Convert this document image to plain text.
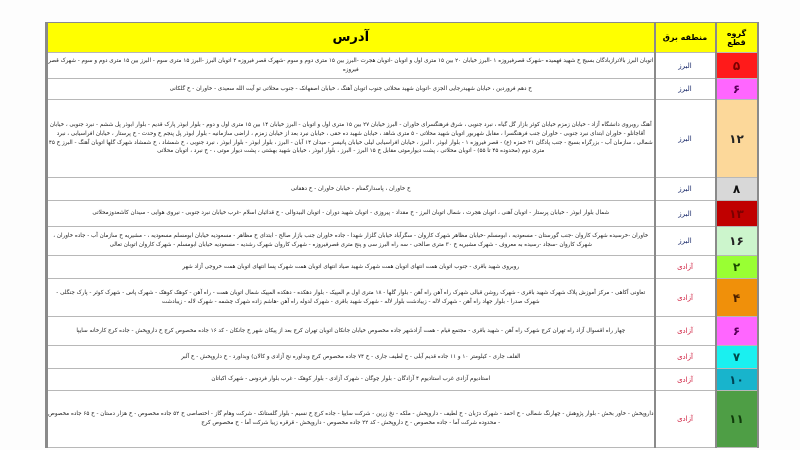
گروه قطع	منطقه برق	آدرس
۵	البرز	اتوبان البرز بالاترازبادگان بسیج خ شهید فهمیده -شهرک قصرفیروزه ۱ -البرز خیابان ۲۰ بین ۱۵ متری اول و اتوبان -اتوبان هجرت -البرز بین ۱۵ متری دوم و سوم -شهرک قصر فیروزه ۲ اتوبان البرز -البرز ۱۵ متری سوم - البرز بین ۱۵ متری دوم و سوم - شهرک قصر فیروزه
۶	البرز	خ دهم فروردین ، خیابان شهیدرجایی الجزی -اتوبان شهید محلاتی جنوب اتوبان آهنگ ، خیابان اصفهانک - جنوب محلاتی تو آیت الله سعیدی - خاوران - خ گلکانی
۱۲	البرز	آهنگ روبروی دانشگاه آزاد - خیابان زمزم خیابان کوثر بازار گل گیاه ، نبرد جنوبی ، شرق فرهنگسرای خاوران - البرز خیابان ۲۷ بین ۱۵ متری اول و اتوبان - البرز خیابان ۱۴ بین ۱۵ متری اول و دوم - بلوار ابوذر پارک قدیم - بلوار ابوذر پل ششم - نبرد جنوبی ، خیابان آقاجانلو - خاوران ابتدای نبرد جنوبی - خاوران جنب فرهنگسرا ، مقابل شهربور اتوبان شهید محلاتی - ۵ متری شاهد ، خیابان شهید ده حقی ، خیابان نبرد بعد از خیابان زمزم ، اراضی سازمانیه - بلوار ابوذر پل پنجم خ وحدت - خ پرستار ، خیابان افراسیابی ، نبرد شمالی ، سازمان آب - بزرگراه بسیج - جنب پادگان ۲۱ حمزه (ع) - قصر فیروزه ۱ - بلوار ابوذر ، البرز ، خیابان افراسیابی لیلی خیابان پانیسر - میدان ۱۴ آبان - البرز ، بلوار ابوذر - بلوار ابوذر ، نبرد جنوبی ، خ شمشاد ، خ شمشاد شهرک گلها اتوبان آهنگ - البرز خ ۴۵ متری دوم (محدوده ۴۵ تا ۵۵) - اتوبان محلاتی ، پشت دیوارموتی مقابل خ ۱۵ البرز - البرز ، بلوار ابوذر ، خیابان شهید بهشتی ، پشت دیوار موتی ، - خ نبرد ، اتوبان محلاتی
۸	البرز	خ خاوران ، پاسدارگمنام - خیابان خاوران - خ دهقانی
۱۳	البرز	شمال بلوار ابوذر - خیابان پرستار - اتوبان آهنی ، اتوبان هجرت ، شمال اتوبان البرز - خ مقداد - پیروزی - اتوبان شهید دوران - اتوبان البیدوالی - خ قدائیان اسلام -غرب خیابان نبرد جنوبی - نیروی هوایی - سیدان کاشعدوزمحلاتی
۱۶	البرز	خاوران -خرسیده شهرک کاروان -جنب گورستان - مسعودیه ، ابومسلم -خیابان مظاهر شهرک کاروان - سگرآباد خیابان گلزار شهدا - جاده خاوران جنب بازار صالح - ابتدای خ مظاهر - مسعودیه خیابان ابومسلم مسعودیه ، - مشیریه خ سازمان آب - جاده خاوران ، شهرک کاروان -سجاد -رسیده به معروف - شهرک مشیریه خ ۳۰ متری صالحی - سه راه البرز سی و پنج متری قصرفیروزه - شهرک کاروان شهرک رشدیه - مسعودیه خیابان ابومسلم - شهرک کاروان اتوبان تعالی
۲	آزادی	روبروی شهید باقری - جنوب اتوبان همت انتهای اتوبان همت شهرک شهید صیاد انتهای اتوبان همت شهرک پسا انتهای اتوبان همت خروجی آزاد شهر
۴	آزادی	تعاونی آکاهی - مرکز آموزش پلاک شهرک شهید باقری - شهرک روشن قبالی شهرک راه آهن راه آهن - بلوار گلها - ۱۸ متری اول م المپیک - بلوار دهکده - دهکده المپیک شمال اتوبان همت - راه آهن - کوهک کوهک - شهرک پاس - شهرک کوثر - پارک جنگلی - شهرک صدرا - بلوار جهاد راه آهن - شهرک لاله - زیبادشت بلوار لاله - شهرک شهید باقری - شهرک لدوله راه آهن -هاشم زاده شهرک چشمه - شهرک لاله - زیبادشت
۶	آزادی	چهار راه اقسوال آزاد راه تهران کرج شهرک راه آهن - شهید باقری - مجتمع فیام - همت آزادشهر جاده مخصوص خیابان جانکان اتوبان تهران کرج بعد از پیکان شهر خ جانکان - کد ۱۶ جاده مخصوص کرج خ داروپخش - جاده کرج کارخانه سایپا
۷	آزادی	القلف جاری - کیلومتر ۱۰ و ۱۱ جاده قدیم آبلی - خ لطیف جاری - خ ۷۴ جاده مخصوص کرج وبداوره نح آزادی و کالان) وبداورد - خ داروپخش - خ آلبر
۱۰	آزادی	استادیوم آزادی غرب استادیوم ۴ آزادگان - بلوار چوگان - شهرک آزادی - بلوار کوهک - غرب بلوار فردوس - شهرک اکباتان
۱۱	آزادی	داروپخش - خاور بخش - بلوار پژوهش - چهارنگ شمالی - خ احمد - شهرک دژبان - خ لطیف - داروپخش - ملکه - نخ زرین - شرکت سایپا - جاده کرج خ نسیم - بلوار گلستانک - شرکت وهام گاز - اختصاصی خ ۵۲ جاده مخصوص - خ هزار دستان - خ ۶۵ جاده مخصوص - محدوده شرکت آما - جاده مخصوص - خ داروپخش - کد ۲۲ جاده مخصوص - داروپخش - قرقره زیبا شرکت آما - خ مخصوص کرج
